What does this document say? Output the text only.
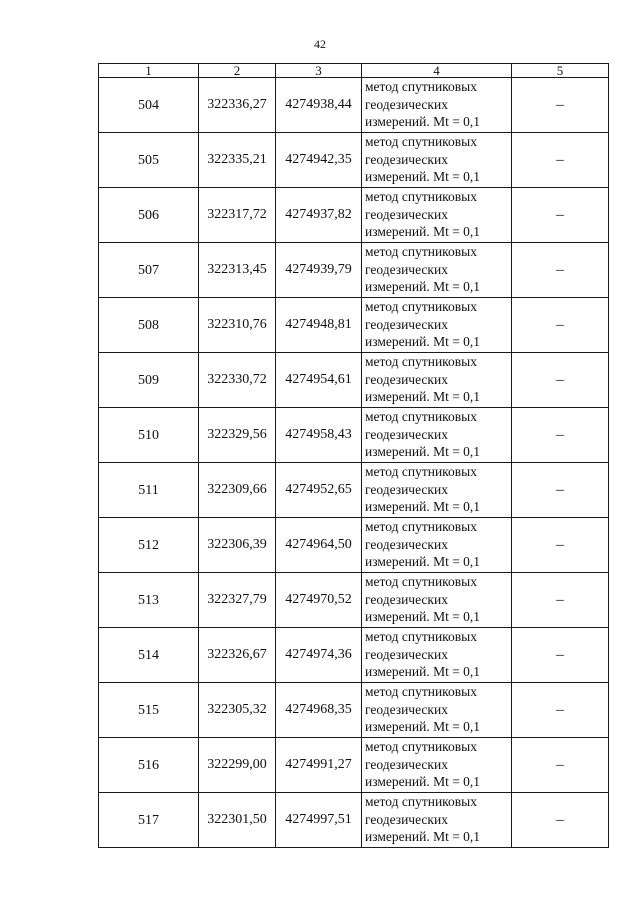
42
1	2	3	4	5
504	322336,27	4274938,44	метод спутниковых
геодезических
измерений. Mt = 0,1	–
505	322335,21	4274942,35	метод спутниковых
геодезических
измерений. Mt = 0,1	–
506	322317,72	4274937,82	метод спутниковых
геодезических
измерений. Mt = 0,1	–
507	322313,45	4274939,79	метод спутниковых
геодезических
измерений. Mt = 0,1	–
508	322310,76	4274948,81	метод спутниковых
геодезических
измерений. Mt = 0,1	–
509	322330,72	4274954,61	метод спутниковых
геодезических
измерений. Mt = 0,1	–
510	322329,56	4274958,43	метод спутниковых
геодезических
измерений. Mt = 0,1	–
511	322309,66	4274952,65	метод спутниковых
геодезических
измерений. Mt = 0,1	–
512	322306,39	4274964,50	метод спутниковых
геодезических
измерений. Mt = 0,1	–
513	322327,79	4274970,52	метод спутниковых
геодезических
измерений. Mt = 0,1	–
514	322326,67	4274974,36	метод спутниковых
геодезических
измерений. Mt = 0,1	–
515	322305,32	4274968,35	метод спутниковых
геодезических
измерений. Mt = 0,1	–
516	322299,00	4274991,27	метод спутниковых
геодезических
измерений. Mt = 0,1	–
517	322301,50	4274997,51	метод спутниковых
геодезических
измерений. Mt = 0,1	–
